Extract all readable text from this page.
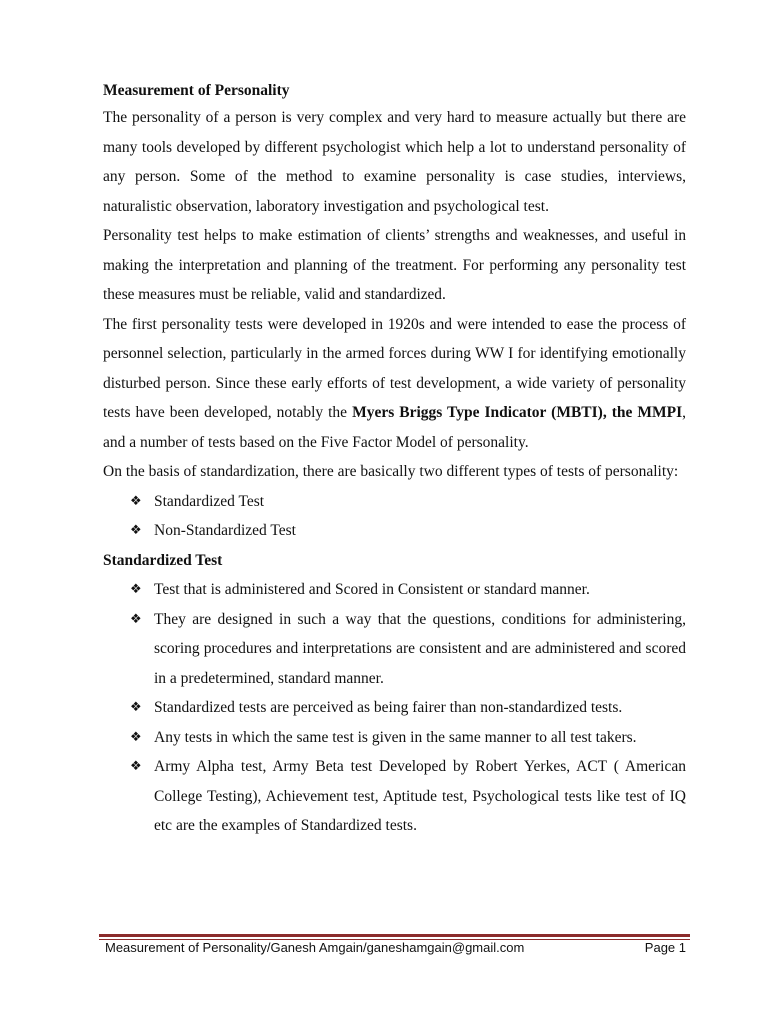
Measurement of Personality

The personality of a person is very complex and very hard to measure actually but there are many tools developed by different psychologist which help a lot to understand personality of any person. Some of the method to examine personality is case studies, interviews, naturalistic observation, laboratory investigation and psychological test.

Personality test helps to make estimation of clients’ strengths and weaknesses, and useful in making the interpretation and planning of the treatment. For performing any personality test these measures must be reliable, valid and standardized.

The first personality tests were developed in 1920s and were intended to ease the process of personnel selection, particularly in the armed forces during WW I for identifying emotionally disturbed person. Since these early efforts of test development, a wide variety of personality tests have been developed, notably the Myers Briggs Type Indicator (MBTI), the MMPI, and a number of tests based on the Five Factor Model of personality.

On the basis of standardization, there are basically two different types of tests of personality:

❖ Standardized Test
❖ Non-Standardized Test

Standardized Test

❖ Test that is administered and Scored in Consistent or standard manner.
❖ They are designed in such a way that the questions, conditions for administering, scoring procedures and interpretations are consistent and are administered and scored in a predetermined, standard manner.
❖ Standardized tests are perceived as being fairer than non-standardized tests.
❖ Any tests in which the same test is given in the same manner to all test takers.
❖ Army Alpha test, Army Beta test Developed by Robert Yerkes, ACT ( American College Testing), Achievement test, Aptitude test, Psychological tests like test of IQ etc are the examples of Standardized tests.
Measurement of Personality/Ganesh Amgain/ganeshamgain@gmail.com	Page 1
